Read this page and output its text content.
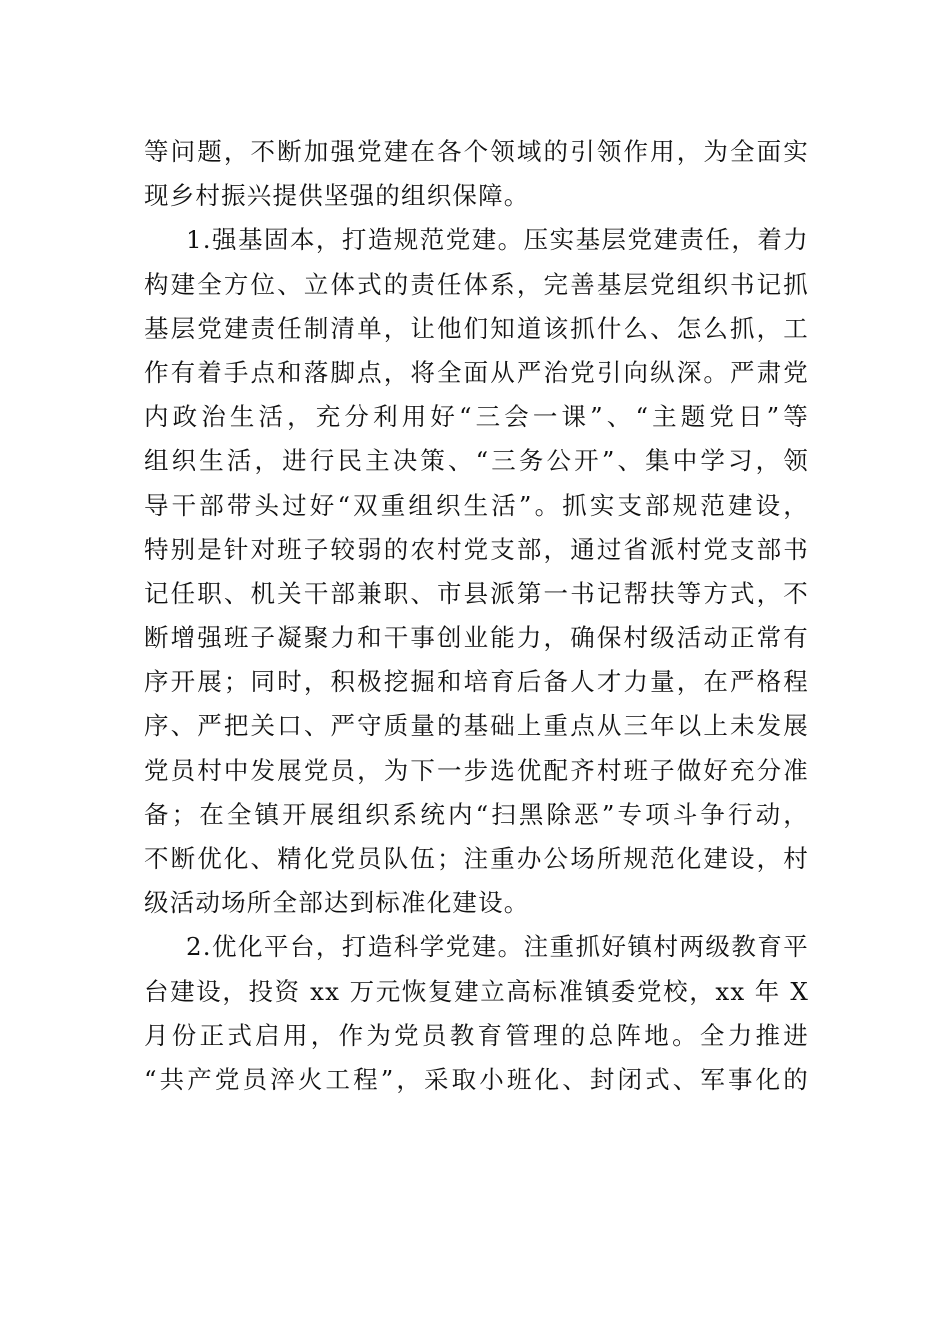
等问题，不断加强党建在各个领域的引领作用，为全面实
现乡村振兴提供坚强的组织保障。
1.强基固本，打造规范党建。压实基层党建责任，着力
构建全方位、立体式的责任体系，完善基层党组织书记抓
基层党建责任制清单，让他们知道该抓什么、怎么抓，工
作有着手点和落脚点，将全面从严治党引向纵深。严肃党
内政治生活，充分利用好“三会一课”、“主题党日”等
组织生活，进行民主决策、“三务公开”、集中学习，领
导干部带头过好“双重组织生活”。抓实支部规范建设，
特别是针对班子较弱的农村党支部，通过省派村党支部书
记任职、机关干部兼职、市县派第一书记帮扶等方式，不
断增强班子凝聚力和干事创业能力，确保村级活动正常有
序开展；同时，积极挖掘和培育后备人才力量，在严格程
序、严把关口、严守质量的基础上重点从三年以上未发展
党员村中发展党员，为下一步选优配齐村班子做好充分准
备；在全镇开展组织系统内“扫黑除恶”专项斗争行动，
不断优化、精化党员队伍；注重办公场所规范化建设，村
级活动场所全部达到标准化建设。
2.优化平台，打造科学党建。注重抓好镇村两级教育平
台建设，投资 xx 万元恢复建立高标准镇委党校，xx 年 X
月份正式启用，作为党员教育管理的总阵地。全力推进
“共产党员淬火工程”，采取小班化、封闭式、军事化的
